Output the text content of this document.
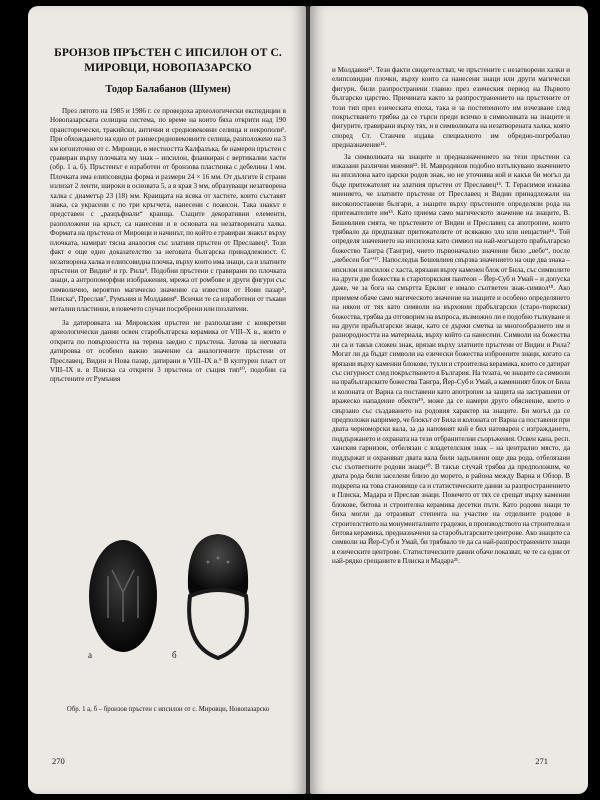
БРОНЗОВ ПРЪСТЕН С ИПСИЛОН ОТ С. МИРОВЦИ, НОВОПАЗАРСКО
Тодор Балабанов (Шумен)

През лятото на 1985 и 1986 г. се проведоха археологически експедиции в Новопазарската селищна система, по време на които бяха открити над 190 праисторически, тракийски, антични и средновековни селища и некрополи¹. При обхождането на едно от раннесредновековните селища, разположено на 3 км югоизточно от с. Мировци, в местността Калфалъка, бе намерен пръстен с гравиран върху плочката му знак – ипсилон, фланкиран с вертикални хасти (обр. 1 а, б). Пръстенът е изработен от бронзова пластинка с дебелина 1 мм. Плочката има елипсовидна форма и размери 24 × 16 мм. От дългите й страни излизат 2 ленти, широки в основата 5, а в края 3 мм, образуващи незатворена халка с диаметър 23 (18) мм. Краищата на всяка от хастите, които съставят знака, са украсени с по три кръгчета, нанесени с поансон. Така знакът е представен с „разцъфнали“ краища. Същите декоративни елементи, разположени на кръст, са нанесени и в основата на незатворената халка. Формата на пръстена от Мировци и начинът, по който е гравиран знакът върху плочката, намират тясна аналогия със златния пръстен от Преславец². Този факт е още едно доказателство за неговата българска принадлежност. С незатворена халка и елипсовидна плочка, върху които има знаци, са и златните пръстени от Видин³ и гр. Рила⁴. Подобни пръстени с гравирани по плочката знаци, а антропоморфни изображения, мрежа от ромбове и други фигури със символично, вероятно магическо значение са известни от Нови пазар⁵, Плиска⁶, Преслав⁷, Румъния и Молдавия⁸. Всички те са изработени от тъкави метални пластинки, в повечето случаи посребрени или позлатени.

За датировката на Мировския пръстен не разполагаме с конкретни археологически данни освен старобългарска керамика от VIII–X в., които е открита по повърхността на терена заедно с пръстена. Затова за неговата датировка от особено важно значение са аналогичните пръстени от Преславец, Видин и Нова пазар, датирани в VIII–IX в.⁹ В културен пласт от VIII–IX в. в Плиска са открити 3 пръстена от същия тип¹⁰, подобни са пръстените от Румъния

а	б
Обр. 1 а, б – бронзов пръстен с ипсилон от с. Мировци, Новопазарско
270

и Молдавия¹¹. Тези факти свидетелстват, че пръстените с незатворени халки и елипсовидни плочки, върху които са нанесени знаци или други магически фигури, били разпространени главно през езическия период на Първото българско царство. Причината както за разпространението на пръстените от този тип през езическата епоха, така и за постепенното им изчезване след покръстването трябва да се търси преди всичко в символиката на знаците и фигурите, гравирани върху тях, и в символиката на незатворената халка, която според Ст. Станчев издава специалното им обредно-погребално предназначение¹².

За символиката на знаците и предназначението на тези пръстени са изказани различни мнения¹³. Н. Мавродинов подобно изтълкувано значението на ипсилона като царски родов знак, но не уточнява кой и какъв би могъл да бъде притежателят на златния пръстен от Преславец¹⁴. Т. Герасимов изказва мнението, че златните пръстени от Преславец и Видин принадлежали на високопоставени българи, а знаците върху пръстените определяли рода на притежателите им¹⁵. Като приема само магическото значение на знаците, В. Бешевлиев смята, че пръстените от Видин и Преславец са апотропеи, които трябвало да предпазват притежателите от всякакво зло или нещастие¹⁶. Той определя значението на ипсилона като символ на най-могъщото прабългарско божество Тангра (Тангри), чието първоначално значение било „небе“, после „небесен бог“¹⁷. Напоследък Бешевлиев свързва значението на още два знака – ипсилон и ипсилон с хаста, врязани върху каменен блок от Била, със символите на други две божества в староторкския пантеон – Йер-Суб и Умай – и допуска даже, че за бога на смъртта Ерклиг е имало съответен знак-символ¹⁸. Ако приемем обаче само магическото значение на знаците и особено определянето на някои от тях като символи на върховни прабългарски (старо-тюркски) божества, трябва да отговорим на въпроса, възможно ли е подобно тълкуване и на други прабългарски знаци, като се държи сметка за многообразието им и разнородността на материала, върху който са нанесени. Символи на божества ли са и такъв сложен знак, врязан върху златните пръстени от Видин и Рила? Могат ли да бъдат символи на езически божества изброените знаци, когато са врязани върху каменни блокове, тухли и строителна керамика, които се датират със сигурност след покръстването в България. На тезата, че знаците са символи на прабългарските божества Тангра, Йер-Суб и Умай, а каменният блок от Била и колоната от Варна са поставени като апотропеи за защита на застрашени от вражеско нападение обекти¹⁹, може да се намери друго обяснение, което е свързано със създаването на родовия характер на знаците. Би могъл да се предположи например, че блокът от Била и колоната от Варна са поставени при двата черноморски вала, за да напомнят кой е бил натоварен с изграждането, поддържането и охраната на тези отбранителни съоръжения. Освен кана, респ. ханския гарнизон, отбелязан с владетелския знак – на централно място, да поддържат и охраняват двата вала били задължени още два рода, отбелязани със съответните родови знаци²⁰. В такъв случай трябва да предположим, че двата рода били заселени близо до морето, в района между Варна и Обзор. В подкрепа на това становище са и статистическите данни за разпространението в Плиска, Мадара и Преслав знаци. Повечето от тях се срещат върху каменни блокове, битова и строителна керамика десетки пъти. Като родови знаци те биха могли да отразяват степента на участие на отделните родове в строителството на монументалните градежи, в производството на строителна и битова керамика, предназначени за старобългарските центрове. Ако знаците са символи на Йер-Суб и Умай, би трябвало те да са най-разпространените знаци в езическите центрове. Статистическите данни обаче показват, че те са едни от най-рядко срещаните в Плиска и Мадара²¹.

271
